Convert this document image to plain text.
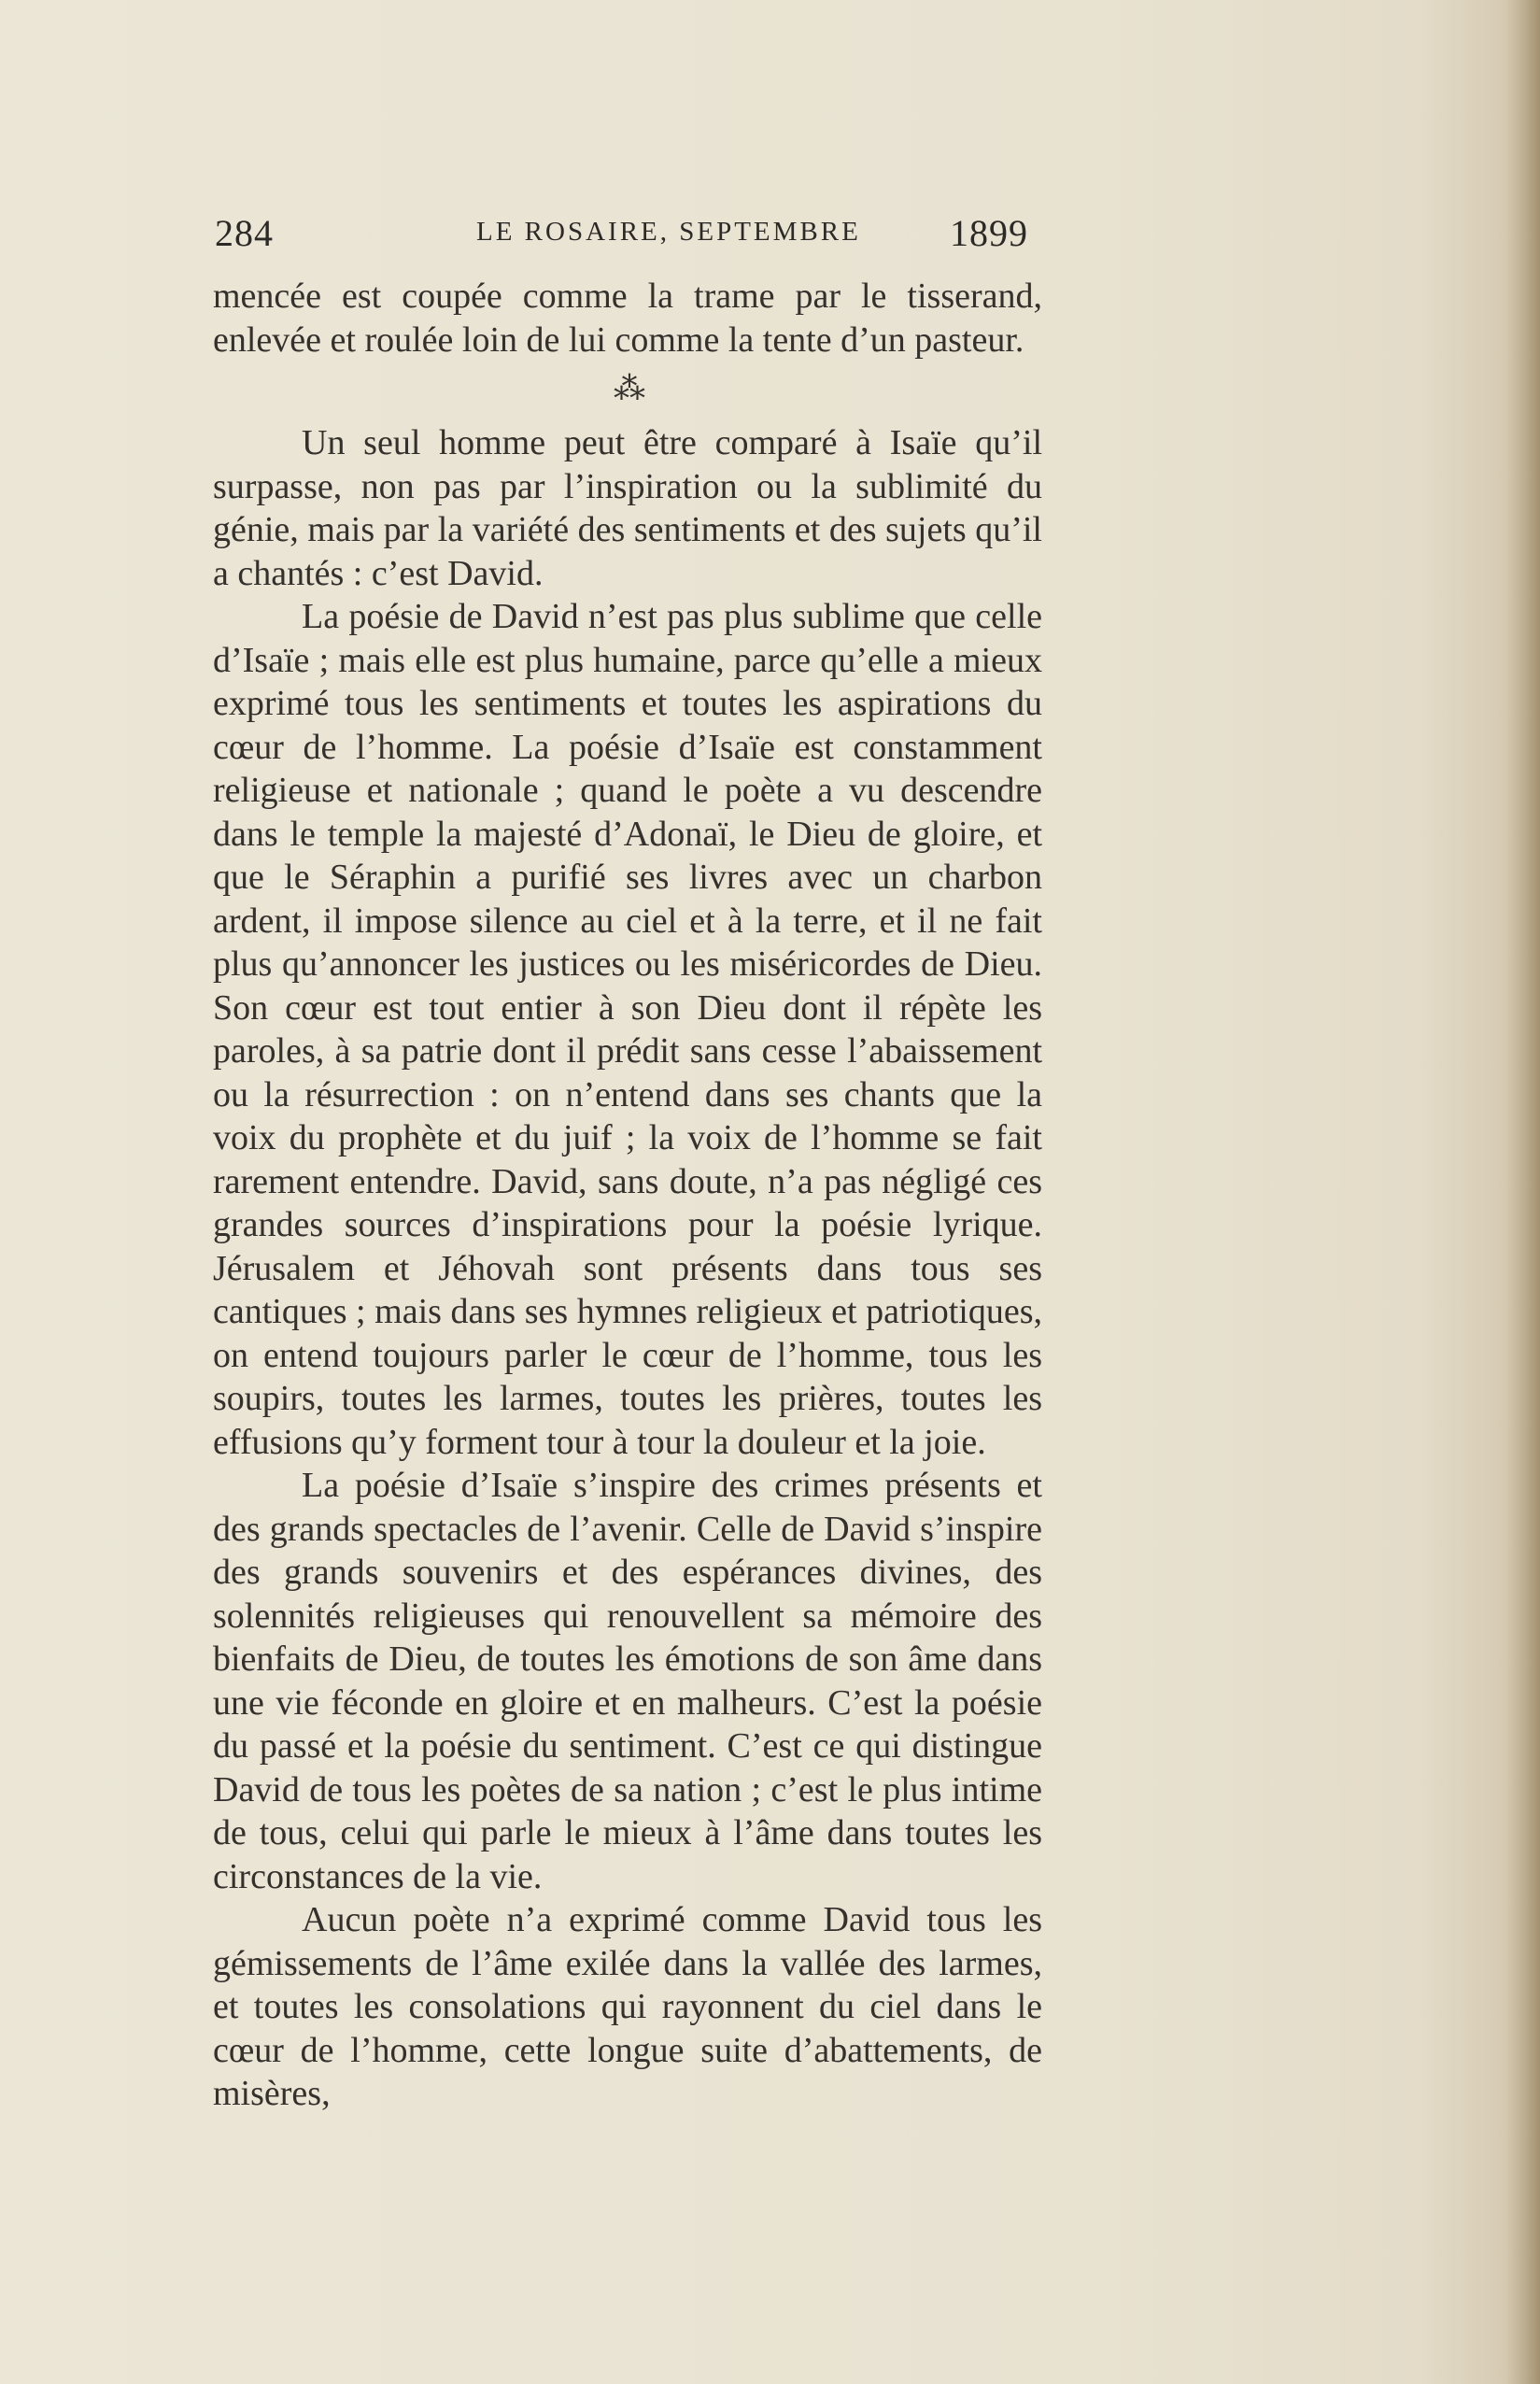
284	LE ROSAIRE, SEPTEMBRE 1899

mencée est coupée comme la trame par le tisserand, enlevée et roulée loin de lui comme la tente d’un pasteur.

⁂

Un seul homme peut être comparé à Isaïe qu’il surpasse, non pas par l’inspiration ou la sublimité du génie, mais par la variété des sentiments et des sujets qu’il a chantés : c’est David.

La poésie de David n’est pas plus sublime que celle d’Isaïe ; mais elle est plus humaine, parce qu’elle a mieux exprimé tous les sentiments et toutes les aspirations du cœur de l’homme. La poésie d’Isaïe est constamment religieuse et nationale ; quand le poète a vu descendre dans le temple la majesté d’Adonaï, le Dieu de gloire, et que le Séraphin a purifié ses livres avec un charbon ardent, il impose silence au ciel et à la terre, et il ne fait plus qu’annoncer les justices ou les miséricordes de Dieu. Son cœur est tout entier à son Dieu dont il répète les paroles, à sa patrie dont il prédit sans cesse l’abaissement ou la résurrection : on n’entend dans ses chants que la voix du prophète et du juif ; la voix de l’homme se fait rarement entendre. David, sans doute, n’a pas négligé ces grandes sources d’inspirations pour la poésie lyrique. Jérusalem et Jéhovah sont présents dans tous ses cantiques ; mais dans ses hymnes religieux et patriotiques, on entend toujours parler le cœur de l’homme, tous les soupirs, toutes les larmes, toutes les prières, toutes les effusions qu’y forment tour à tour la douleur et la joie.

La poésie d’Isaïe s’inspire des crimes présents et des grands spectacles de l’avenir. Celle de David s’inspire des grands souvenirs et des espérances divines, des solennités religieuses qui renouvellent sa mémoire des bienfaits de Dieu, de toutes les émotions de son âme dans une vie féconde en gloire et en malheurs. C’est la poésie du passé et la poésie du sentiment. C’est ce qui distingue David de tous les poètes de sa nation ; c’est le plus intime de tous, celui qui parle le mieux à l’âme dans toutes les circonstances de la vie.

Aucun poète n’a exprimé comme David tous les gémissements de l’âme exilée dans la vallée des larmes, et toutes les consolations qui rayonnent du ciel dans le cœur de l’homme, cette longue suite d’abattements, de misères,
